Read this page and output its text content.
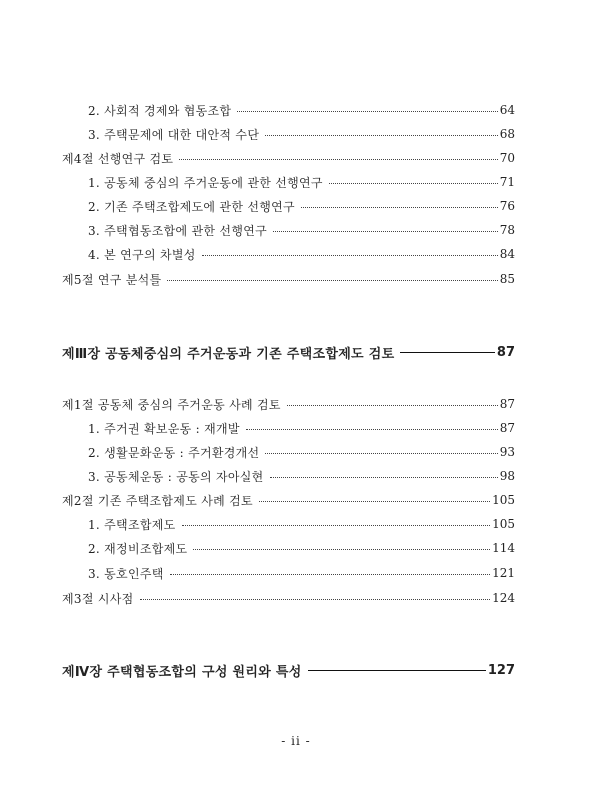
2. 사회적 경제와 협동조합	64
3. 주택문제에 대한 대안적 수단	68
제4절 선행연구 검토	70
1. 공동체 중심의 주거운동에 관한 선행연구	71
2. 기존 주택조합제도에 관한 선행연구	76
3. 주택협동조합에 관한 선행연구	78
4. 본 연구의 차별성	84
제5절 연구 분석틀	85
제Ⅲ장 공동체중심의 주거운동과 기존 주택조합제도 검토	87
제1절 공동체 중심의 주거운동 사례 검토	87
1. 주거권 확보운동 : 재개발	87
2. 생활문화운동 : 주거환경개선	93
3. 공동체운동 : 공동의 자아실현	98
제2절 기존 주택조합제도 사례 검토	105
1. 주택조합제도	105
2. 재정비조합제도	114
3. 동호인주택	121
제3절 시사점	124
제Ⅳ장 주택협동조합의 구성 원리와 특성	127
- ii -
